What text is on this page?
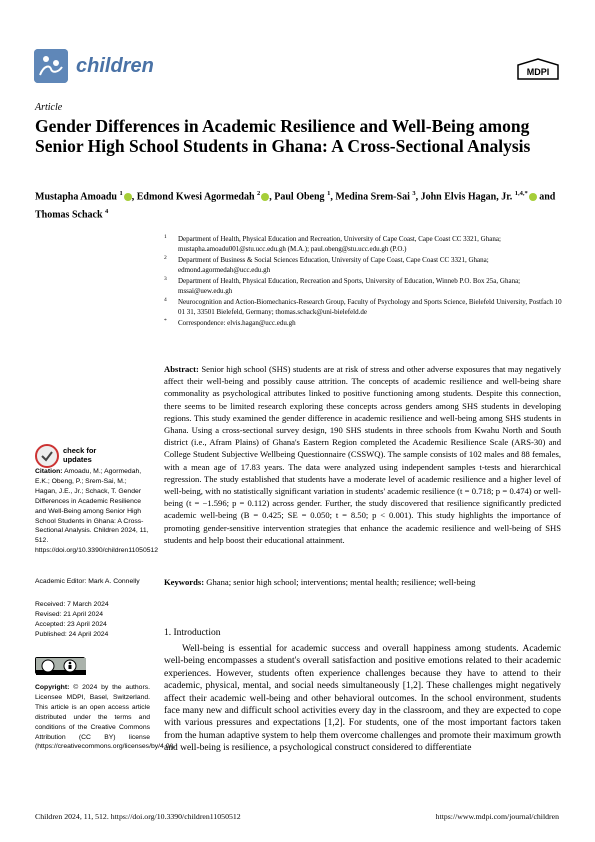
children	MDPI
Article
Gender Differences in Academic Resilience and Well-Being among Senior High School Students in Ghana: A Cross-Sectional Analysis
Mustapha Amoadu $^1$ , Edmond Kwesi Agormedah $^2$ , Paul Obeng $^1$, Medina Srem-Sai $^3$, John Elvis Hagan, Jr. $^{1,4,*}$ and Thomas Schack $^4$
1 Department of Health, Physical Education and Recreation, University of Cape Coast, Cape Coast CC 3321, Ghana; mustapha.amoadu001@stu.ucc.edu.gh (M.A.); paul.obeng@stu.ucc.edu.gh (P.O.)
2 Department of Business & Social Sciences Education, University of Cape Coast, Cape Coast CC 3321, Ghana; edmond.agormedah@ucc.edu.gh
3 Department of Health, Physical Education, Recreation and Sports, University of Education, Winneb P.O. Box 25a, Ghana; mssai@uew.edu.gh
4 Neurocognition and Action-Biomechanics-Research Group, Faculty of Psychology and Sports Science, Bielefeld University, Postfach 10 01 31, 33501 Bielefeld, Germany; thomas.schack@uni-bielefeld.de
* Correspondence: elvis.hagan@ucc.edu.gh
Abstract: Senior high school (SHS) students are at risk of stress and other adverse exposures that may negatively affect their well-being and possibly cause attrition. The concepts of academic resilience and well-being share commonality as psychological attributes linked to positive functioning among students. Despite this connection, there seems to be limited research exploring these concepts across genders among SHS students in developing regions. This study examined the gender difference in academic resilience and well-being among SHS students in Ghana. Using a cross-sectional survey design, 190 SHS students in three schools from Kwahu North and South district (i.e., Afram Plains) of Ghana's Eastern Region completed the Academic Resilience Scale (ARS-30) and College Student Subjective Wellbeing Questionnaire (CSSWQ). The sample consists of 102 males and 88 females, with a mean age of 17.83 years. The data were analyzed using independent samples t-tests and hierarchical regression. The study established that students have a moderate level of academic resilience and a higher level of well-being, with no statistically significant variation in students' academic resilience (t = 0.718; p = 0.474) or well-being (t = −1.596; p = 0.112) across gender. Further, the study discovered that resilience significantly predicted academic well-being (B = 0.425; SE = 0.050; t = 8.50; p < 0.001). This study highlights the importance of promoting gender-sensitive intervention strategies that enhance the academic resilience and well-being of SHS students and help boost their educational attainment.
Keywords: Ghana; senior high school; interventions; mental health; resilience; well-being
1. Introduction
Well-being is essential for academic success and overall happiness among students. Academic well-being encompasses a student's overall satisfaction and positive emotions related to their academic experiences. However, students often experience challenges because they have to attend to their academic, physical, mental, and social needs simultaneously [1,2]. These challenges might negatively affect their academic well-being and other behavioral outcomes. In the school environment, students face many new and difficult school activities every day in the classroom, and they are expected to cope with various pressures and expectations [1,2]. For students, one of the most important factors taken from the human adaptive system to help them overcome challenges and promote their maximum growth and well-being is resilience, a psychological construct considered to differentiate
check for updates
Citation: Amoadu, M.; Agormedah, E.K.; Obeng, P.; Srem-Sai, M.; Hagan, J.E., Jr.; Schack, T. Gender Differences in Academic Resilience and Well-Being among Senior High School Students in Ghana: A Cross-Sectional Analysis. Children 2024, 11, 512. https://doi.org/10.3390/children11050512
Academic Editor: Mark A. Connelly
Received: 7 March 2024
Revised: 21 April 2024
Accepted: 23 April 2024
Published: 24 April 2024
Copyright: © 2024 by the authors. Licensee MDPI, Basel, Switzerland. This article is an open access article distributed under the terms and conditions of the Creative Commons Attribution (CC BY) license (https://creativecommons.org/licenses/by/4.0/).
Children 2024, 11, 512. https://doi.org/10.3390/children11050512	https://www.mdpi.com/journal/children
